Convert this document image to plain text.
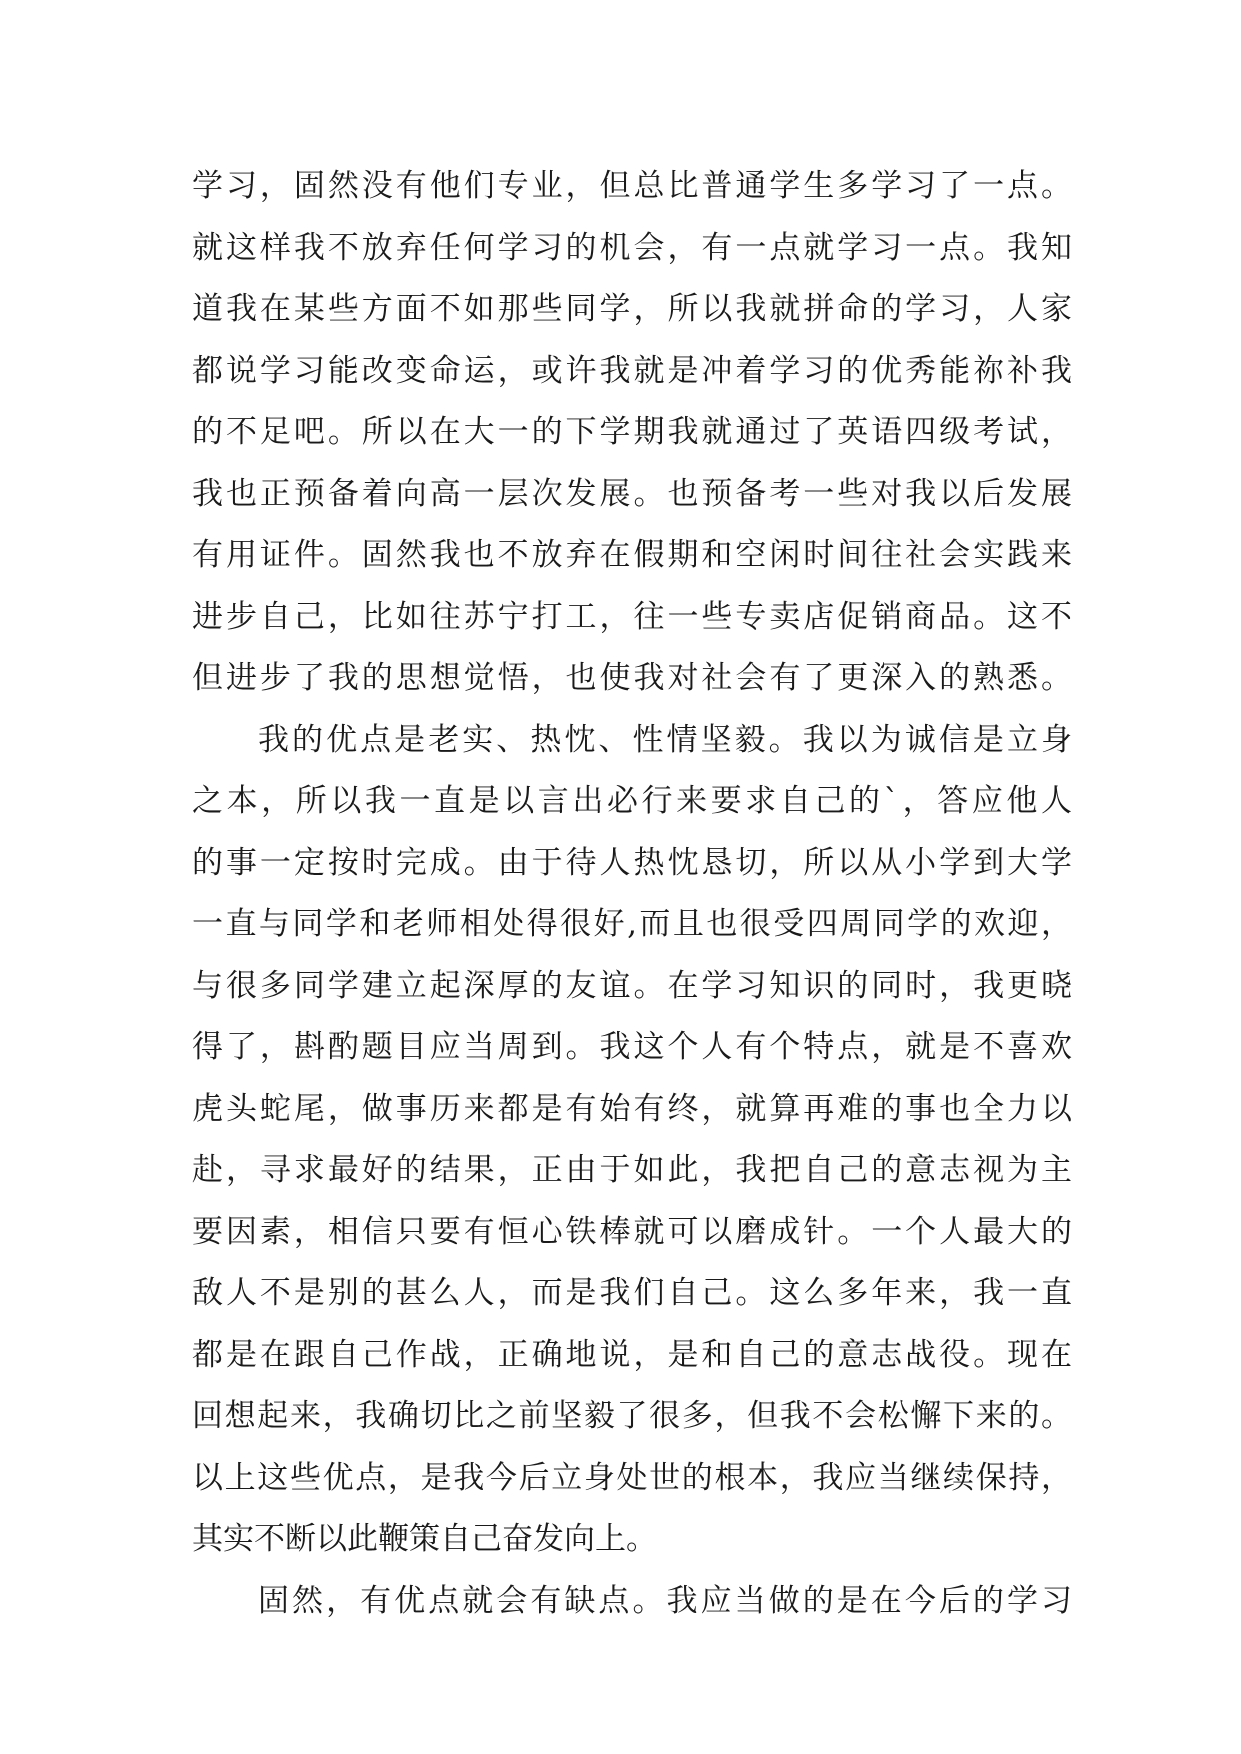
学习，固然没有他们专业，但总比普通学生多学习了一点。
就这样我不放弃任何学习的机会，有一点就学习一点。我知
道我在某些方面不如那些同学，所以我就拼命的学习，人家
都说学习能改变命运，或许我就是冲着学习的优秀能祢补我
的不足吧。所以在大一的下学期我就通过了英语四级考试，
我也正预备着向高一层次发展。也预备考一些对我以后发展
有用证件。固然我也不放弃在假期和空闲时间往社会实践来
进步自己，比如往苏宁打工，往一些专卖店促销商品。这不
但进步了我的思想觉悟，也使我对社会有了更深入的熟悉。
我的优点是老实、热忱、性情坚毅。我以为诚信是立身
之本，所以我一直是以言出必行来要求自己的`，答应他人
的事一定按时完成。由于待人热忱恳切，所以从小学到大学
一直与同学和老师相处得很好,而且也很受四周同学的欢迎，
与很多同学建立起深厚的友谊。在学习知识的同时，我更晓
得了，斟酌题目应当周到。我这个人有个特点，就是不喜欢
虎头蛇尾，做事历来都是有始有终，就算再难的事也全力以
赴，寻求最好的结果，正由于如此，我把自己的意志视为主
要因素，相信只要有恒心铁棒就可以磨成针。一个人最大的
敌人不是别的甚么人，而是我们自己。这么多年来，我一直
都是在跟自己作战，正确地说，是和自己的意志战役。现在
回想起来，我确切比之前坚毅了很多，但我不会松懈下来的。
以上这些优点，是我今后立身处世的根本，我应当继续保持，
其实不断以此鞭策自己奋发向上。
固然，有优点就会有缺点。我应当做的是在今后的学习
